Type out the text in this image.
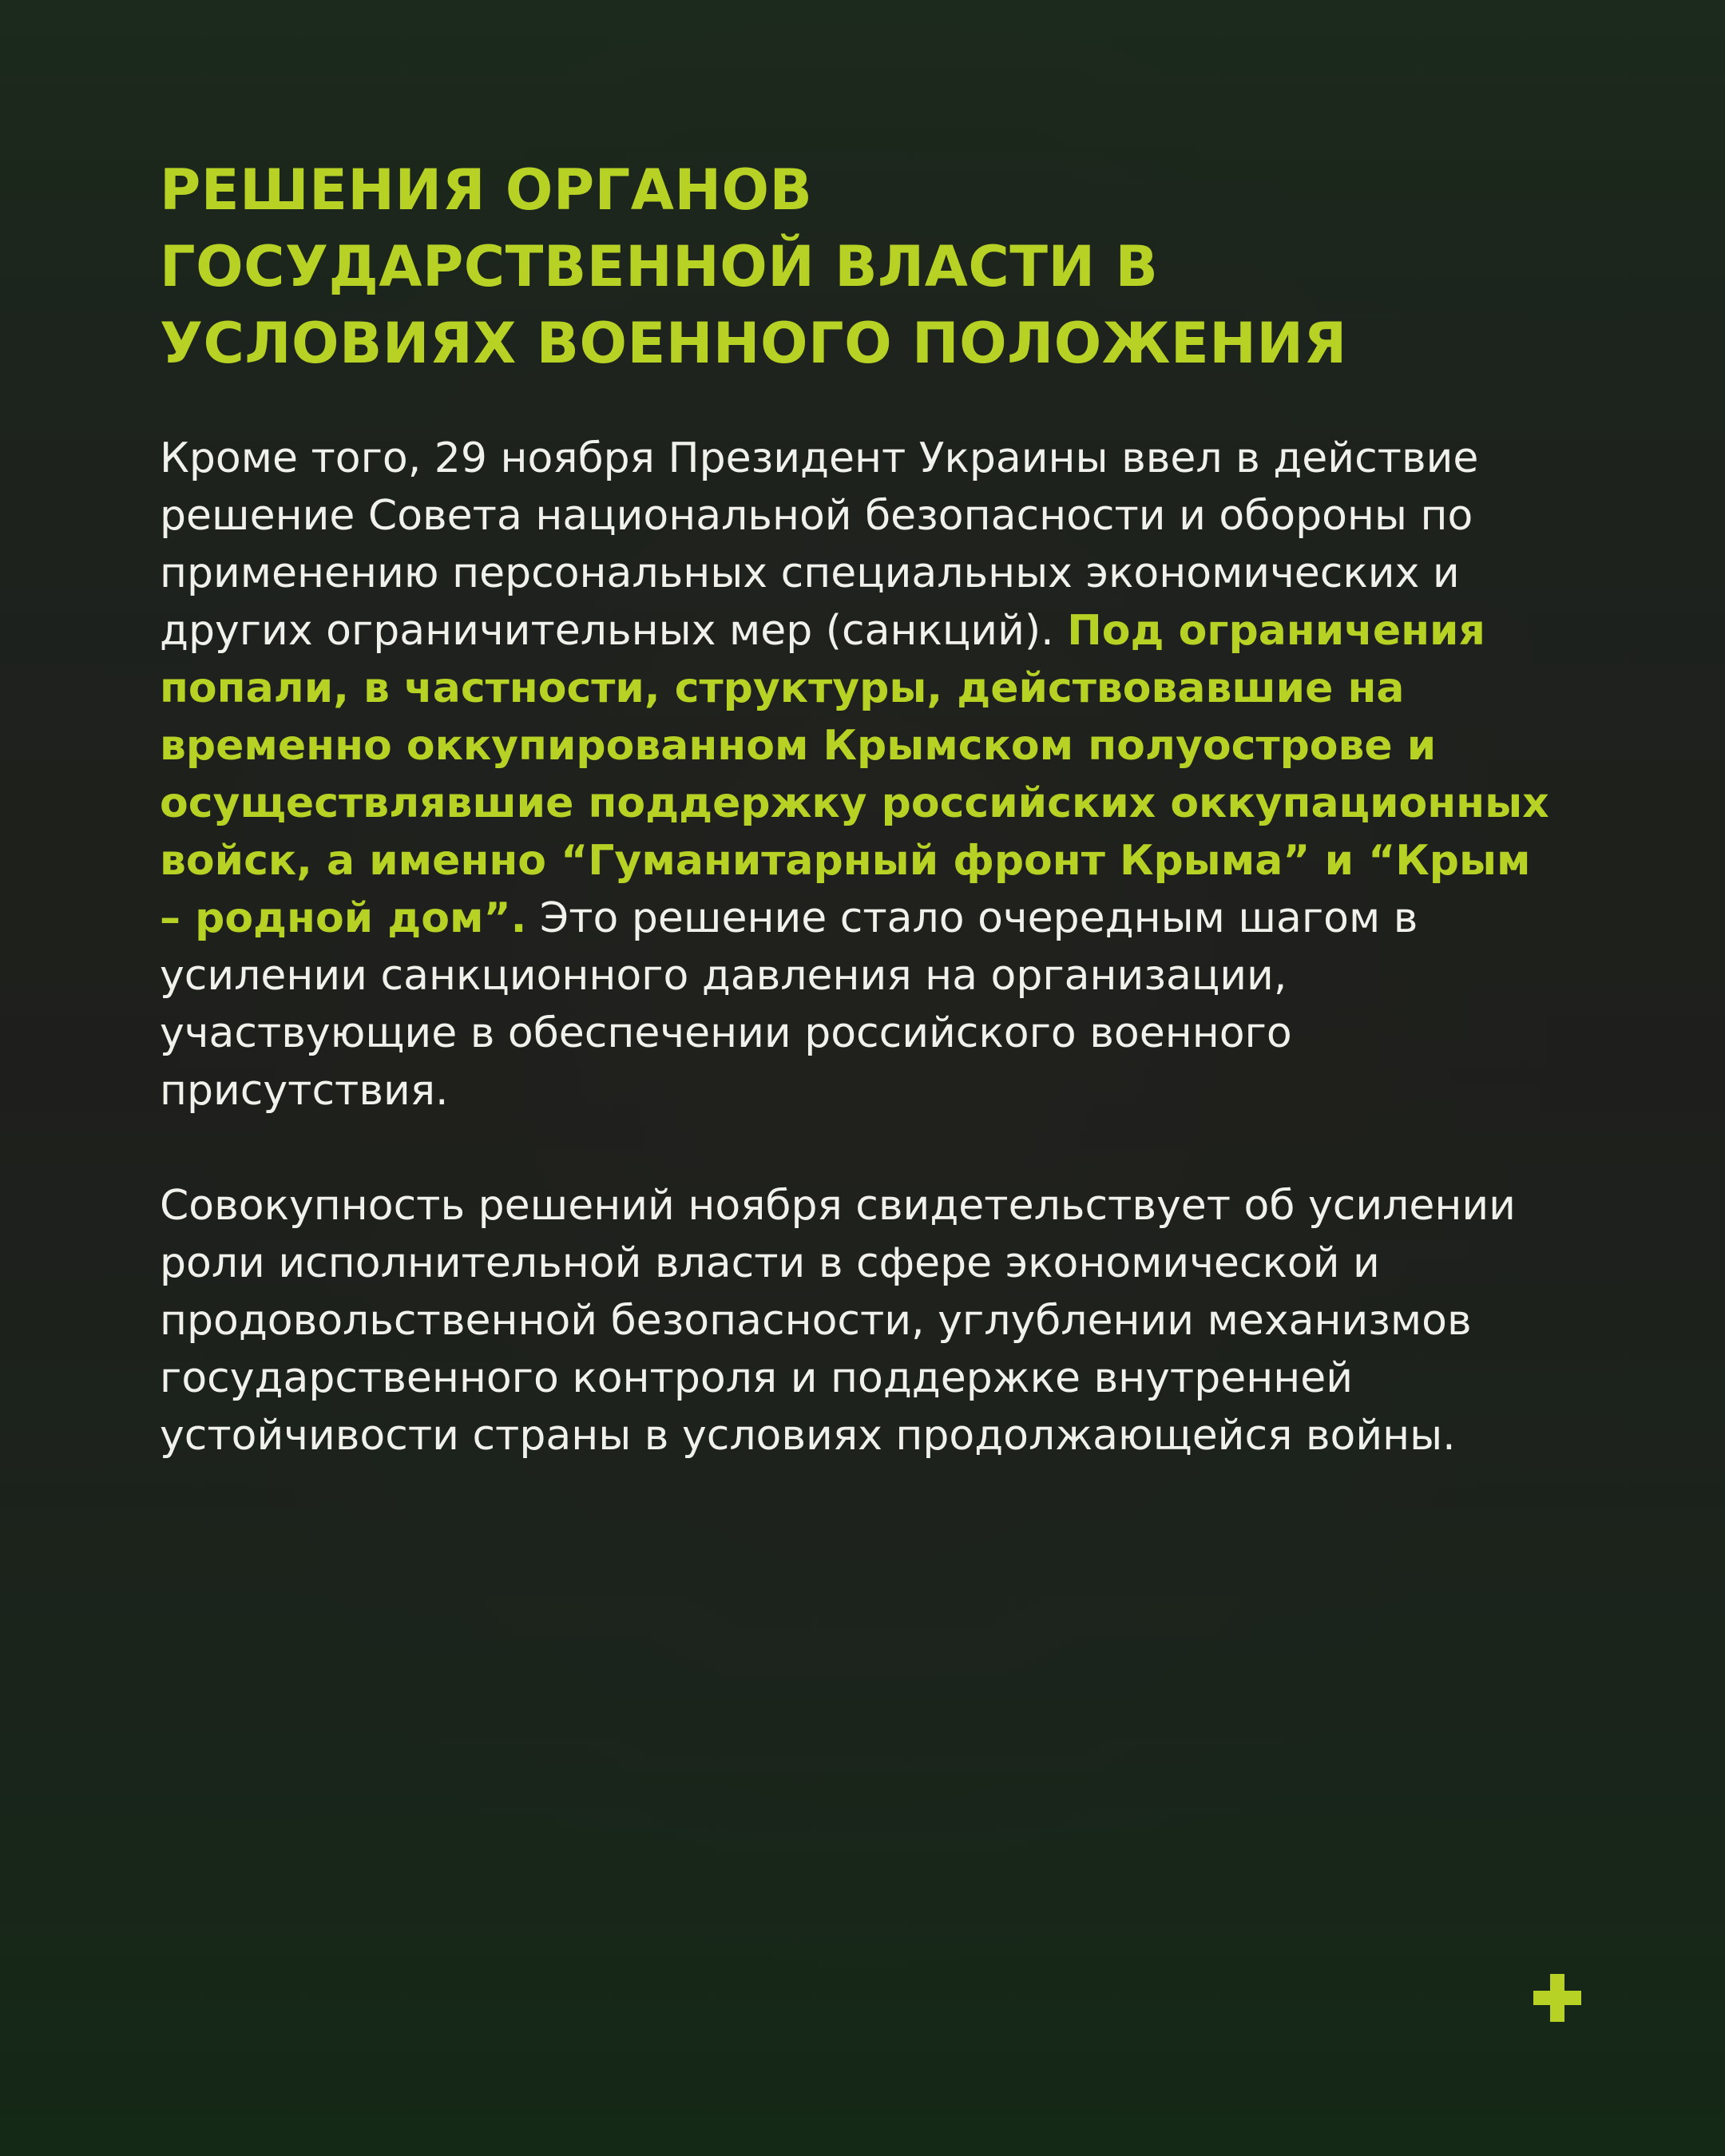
РЕШЕНИЯ ОРГАНОВ
ГОСУДАРСТВЕННОЙ ВЛАСТИ В
УСЛОВИЯХ ВОЕННОГО ПОЛОЖЕНИЯ

Кроме того, 29 ноября Президент Украины ввел в действие решение Совета национальной безопасности и обороны по применению персональных специальных экономических и других ограничительных мер (санкций). Под ограничения попали, в частности, структуры, действовавшие на временно оккупированном Крымском полуострове и осуществлявшие поддержку российских оккупационных войск, а именно “Гуманитарный фронт Крыма” и “Крым – родной дом”. Это решение стало очередным шагом в усилении санкционного давления на организации, участвующие в обеспечении российского военного присутствия.

Совокупность решений ноября свидетельствует об усилении роли исполнительной власти в сфере экономической и продовольственной безопасности, углублении механизмов государственного контроля и поддержке внутренней устойчивости страны в условиях продолжающейся войны.
